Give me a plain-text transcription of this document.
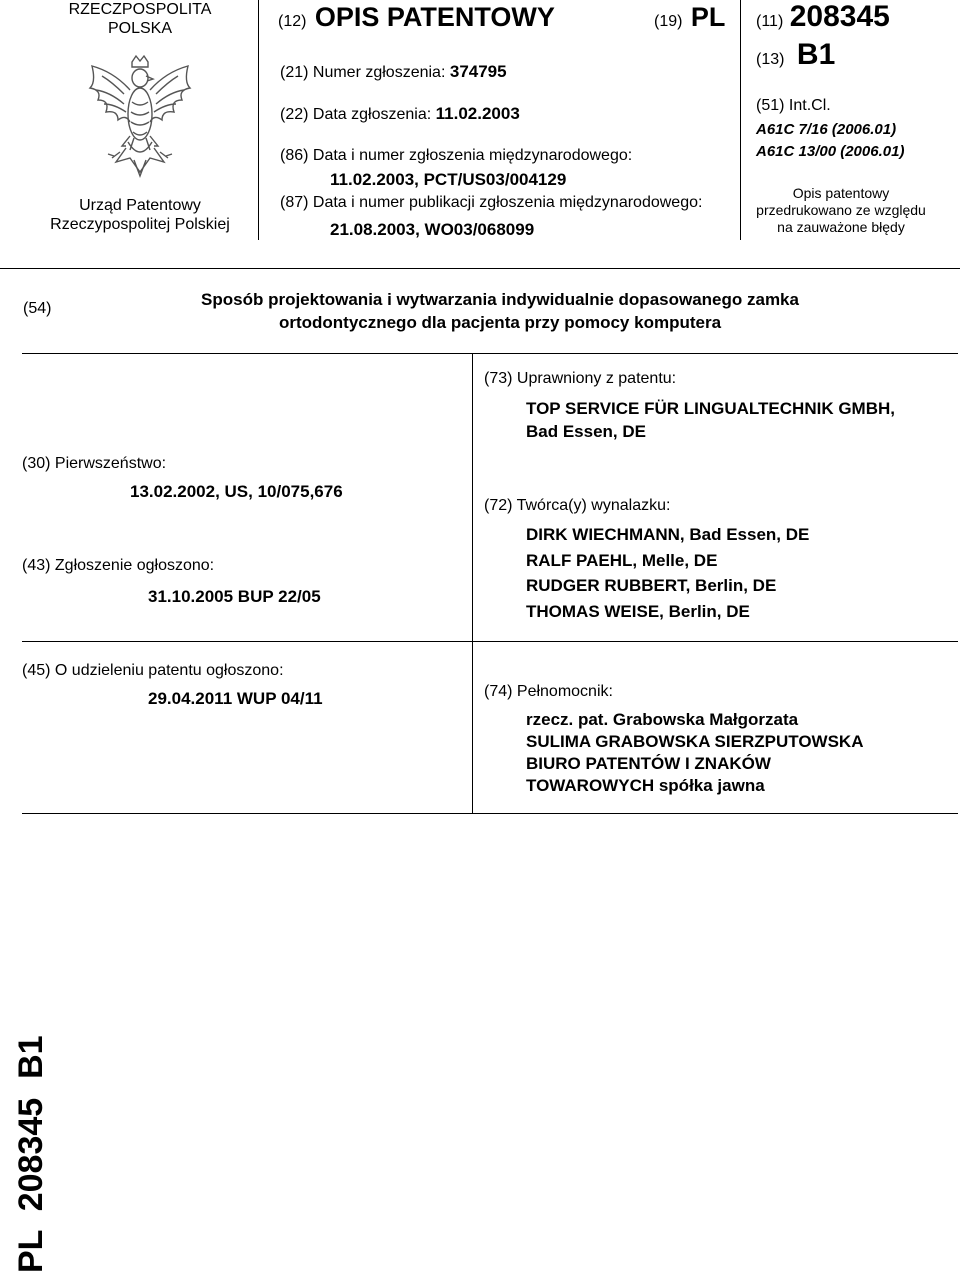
RZECZPOSPOLITA
POLSKA
Urząd Patentowy
Rzeczypospolitej Polskiej
(12) OPIS PATENTOWY	(19) PL
(21) Numer zgłoszenia: 374795
(22) Data zgłoszenia: 11.02.2003
(86) Data i numer zgłoszenia międzynarodowego:
11.02.2003, PCT/US03/004129
(87) Data i numer publikacji zgłoszenia międzynarodowego:
21.08.2003, WO03/068099
(11) 208345
(13) B1
(51) Int.Cl.
A61C 7/16 (2006.01)
A61C 13/00 (2006.01)
Opis patentowy
przedrukowano ze względu
na zauważone błędy
(54)	Sposób projektowania i wytwarzania indywidualnie dopasowanego zamka
ortodontycznego dla pacjenta przy pomocy komputera
(30) Pierwszeństwo:
13.02.2002, US, 10/075,676
(43) Zgłoszenie ogłoszono:
31.10.2005 BUP 22/05
(45) O udzieleniu patentu ogłoszono:
29.04.2011 WUP 04/11
(73) Uprawniony z patentu:
TOP SERVICE FÜR LINGUALTECHNIK GMBH,
Bad Essen, DE
(72) Twórca(y) wynalazku:
DIRK WIECHMANN, Bad Essen, DE
RALF PAEHL, Melle, DE
RUDGER RUBBERT, Berlin, DE
THOMAS WEISE, Berlin, DE
(74) Pełnomocnik:
rzecz. pat. Grabowska Małgorzata
SULIMA GRABOWSKA SIERZPUTOWSKA
BIURO PATENTÓW I ZNAKÓW
TOWAROWYCH spółka jawna
PL  208345  B1
